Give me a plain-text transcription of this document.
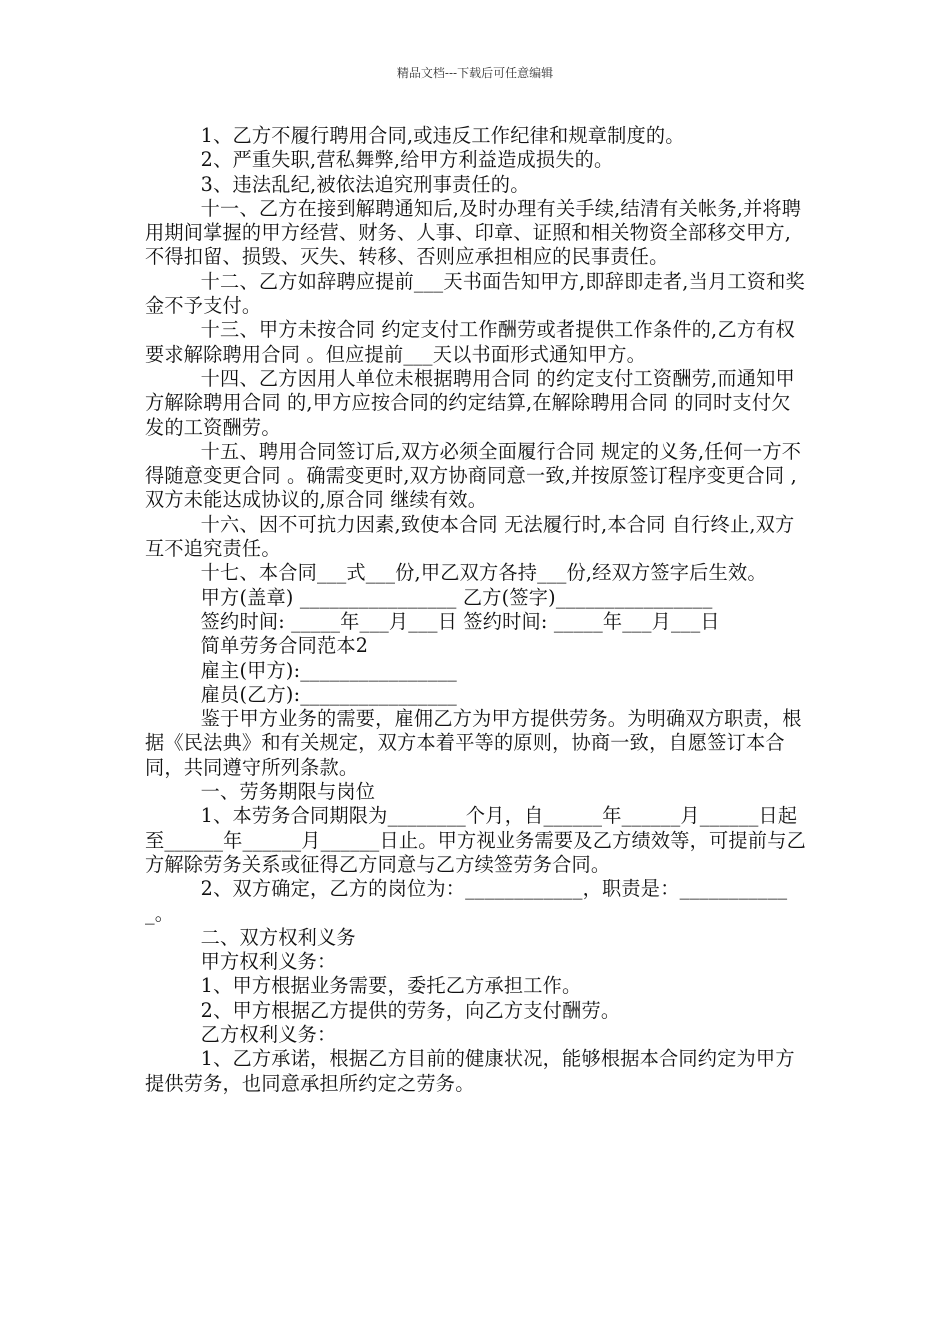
精品文档---下载后可任意编辑

1、乙方不履行聘用合同,或违反工作纪律和规章制度的。

2、严重失职,营私舞弊,给甲方利益造成损失的。

3、违法乱纪,被依法追究刑事责任的。

十一、乙方在接到解聘通知后,及时办理有关手续,结清有关帐务,并将聘用期间掌握的甲方经营、财务、人事、印章、证照和相关物资全部移交甲方,不得扣留、损毁、灭失、转移、否则应承担相应的民事责任。

十二、乙方如辞聘应提前___天书面告知甲方,即辞即走者,当月工资和奖金不予支付。

十三、甲方未按合同 约定支付工作酬劳或者提供工作条件的,乙方有权要求解除聘用合同 。但应提前___天以书面形式通知甲方。

十四、乙方因用人单位未根据聘用合同 的约定支付工资酬劳,而通知甲方解除聘用合同 的,甲方应按合同的约定结算,在解除聘用合同 的同时支付欠发的工资酬劳。

十五、聘用合同签订后,双方必须全面履行合同 规定的义务,任何一方不得随意变更合同 。确需变更时,双方协商同意一致,并按原签订程序变更合同 ,双方未能达成协议的,原合同 继续有效。

十六、因不可抗力因素,致使本合同 无法履行时,本合同 自行终止,双方互不追究责任。

十七、本合同___式___份,甲乙双方各持___份,经双方签字后生效。

甲方(盖章) ________________ 乙方(签字)________________

签约时间: _____年___月___日 签约时间: _____年___月___日

简单劳务合同范本2

雇主(甲方):________________

雇员(乙方):________________

鉴于甲方业务的需要，雇佣乙方为甲方提供劳务。为明确双方职责，根据《民法典》和有关规定，双方本着平等的原则，协商一致，自愿签订本合同，共同遵守所列条款。

一、劳务期限与岗位

1、本劳务合同期限为________个月，自______年______月______日起至______年______月______日止。甲方视业务需要及乙方绩效等，可提前与乙方解除劳务关系或征得乙方同意与乙方续签劳务合同。

2、双方确定，乙方的岗位为：____________，职责是：____________。

二、双方权利义务

甲方权利义务：

1、甲方根据业务需要，委托乙方承担工作。

2、甲方根据乙方提供的劳务，向乙方支付酬劳。

乙方权利义务：

1、乙方承诺，根据乙方目前的健康状况，能够根据本合同约定为甲方提供劳务，也同意承担所约定之劳务。
